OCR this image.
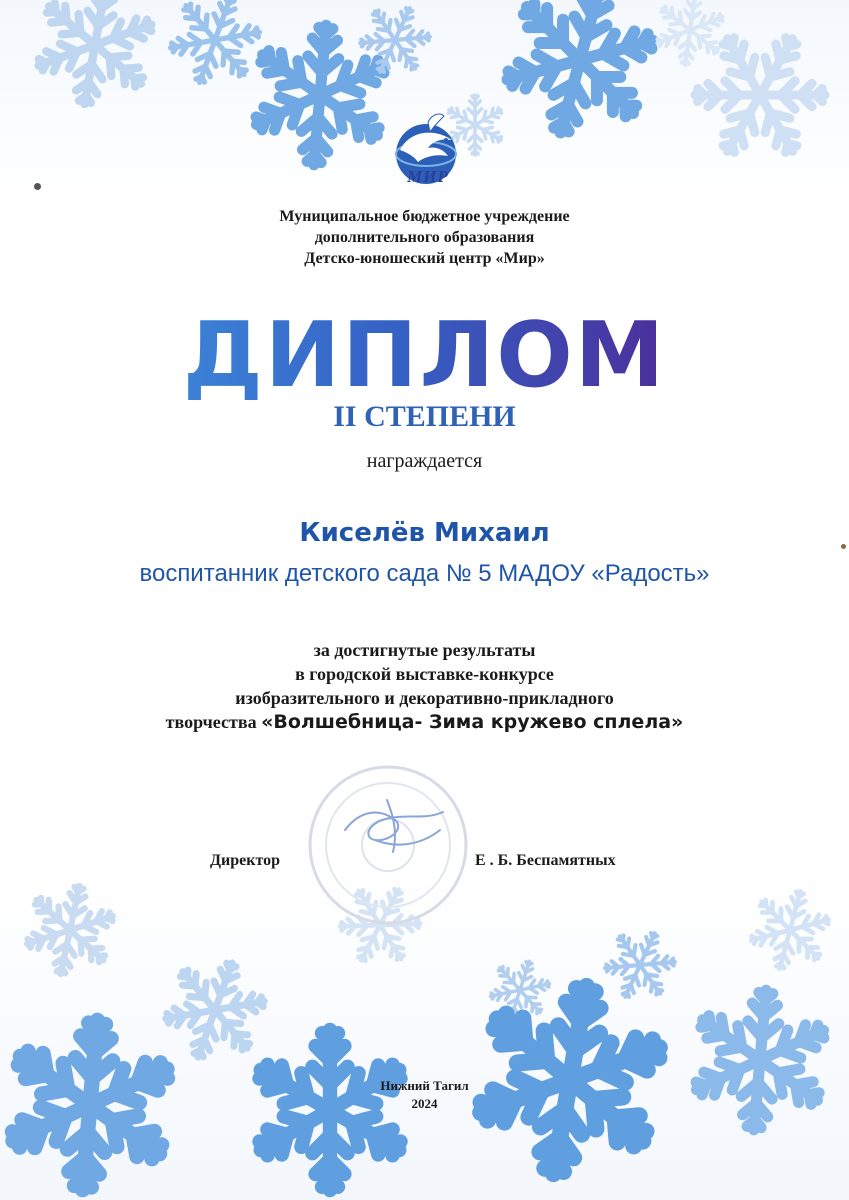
МИР
Муниципальное бюджетное учреждение
дополнительного образования
Детско-юношеский центр «Мир»
ДИПЛОМ
II СТЕПЕНИ
награждается
Киселёв Михаил
воспитанник детского сада № 5 МАДОУ «Радость»
за достигнутые результаты
в городской выставке-конкурсе
изобразительного и декоративно-прикладного
творчества «Волшебница- Зима кружево сплела»
Директор	Е . Б. Беспамятных
Нижний Тагил
2024
